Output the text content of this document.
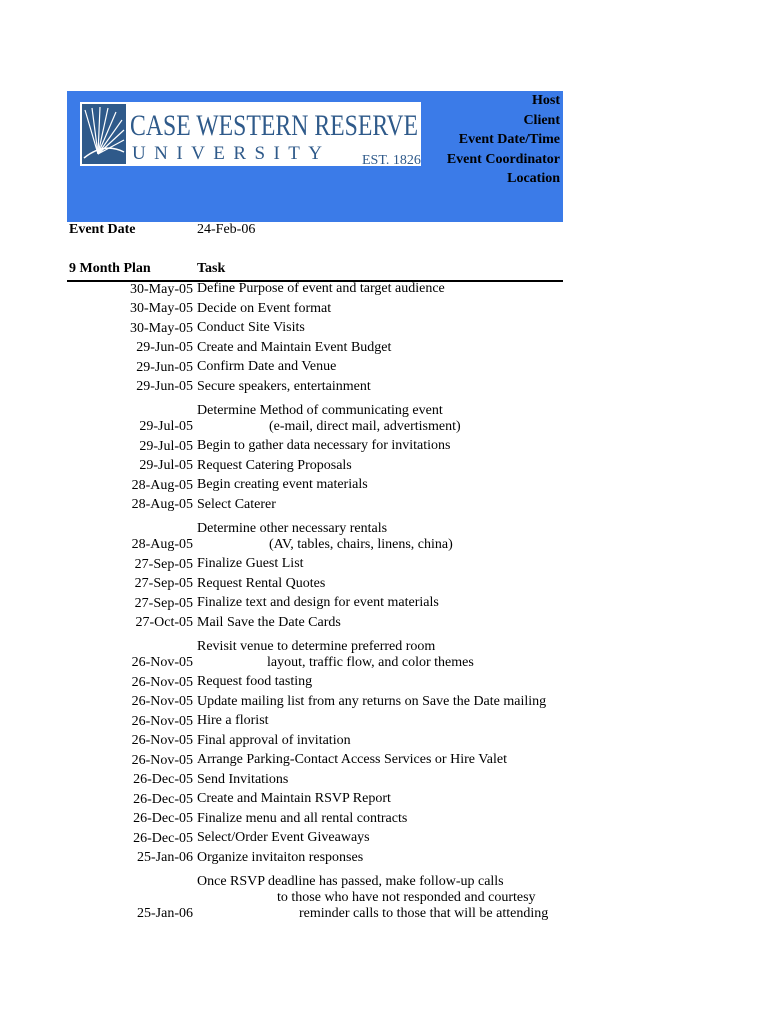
CASE WESTERN RESERVE
UNIVERSITY	EST. 1826
Host
Client
Event Date/Time
Event Coordinator
Location
Event Date	24-Feb-06
9 Month Plan	Task
30-May-05 Define Purpose of event and target audience
30-May-05 Decide on Event format
30-May-05 Conduct Site Visits
29-Jun-05 Create and Maintain Event Budget
29-Jun-05 Confirm Date and Venue
29-Jun-05 Secure speakers, entertainment
29-Jul-05
Determine Method of communicating event
(e-mail, direct mail, advertisment)
29-Jul-05 Begin to gather data necessary for invitations
29-Jul-05 Request Catering Proposals
28-Aug-05 Begin creating event materials
28-Aug-05 Select Caterer
28-Aug-05
Determine other necessary rentals
(AV, tables, chairs, linens, china)
27-Sep-05 Finalize Guest List
27-Sep-05 Request Rental Quotes
27-Sep-05 Finalize text and design for event materials
27-Oct-05 Mail Save the Date Cards
26-Nov-05
Revisit venue to determine preferred room
layout, traffic flow, and color themes
26-Nov-05 Request food tasting
26-Nov-05 Update mailing list from any returns on Save the Date mailing
26-Nov-05 Hire a florist
26-Nov-05 Final approval of invitation
26-Nov-05 Arrange Parking-Contact Access Services or Hire Valet
26-Dec-05 Send Invitations
26-Dec-05 Create and Maintain RSVP Report
26-Dec-05 Finalize menu and all rental contracts
26-Dec-05 Select/Order Event Giveaways
25-Jan-06 Organize invitaiton responses
25-Jan-06
Once RSVP deadline has passed, make follow-up calls
to those who have not responded and courtesy
reminder calls to those that will be attending
